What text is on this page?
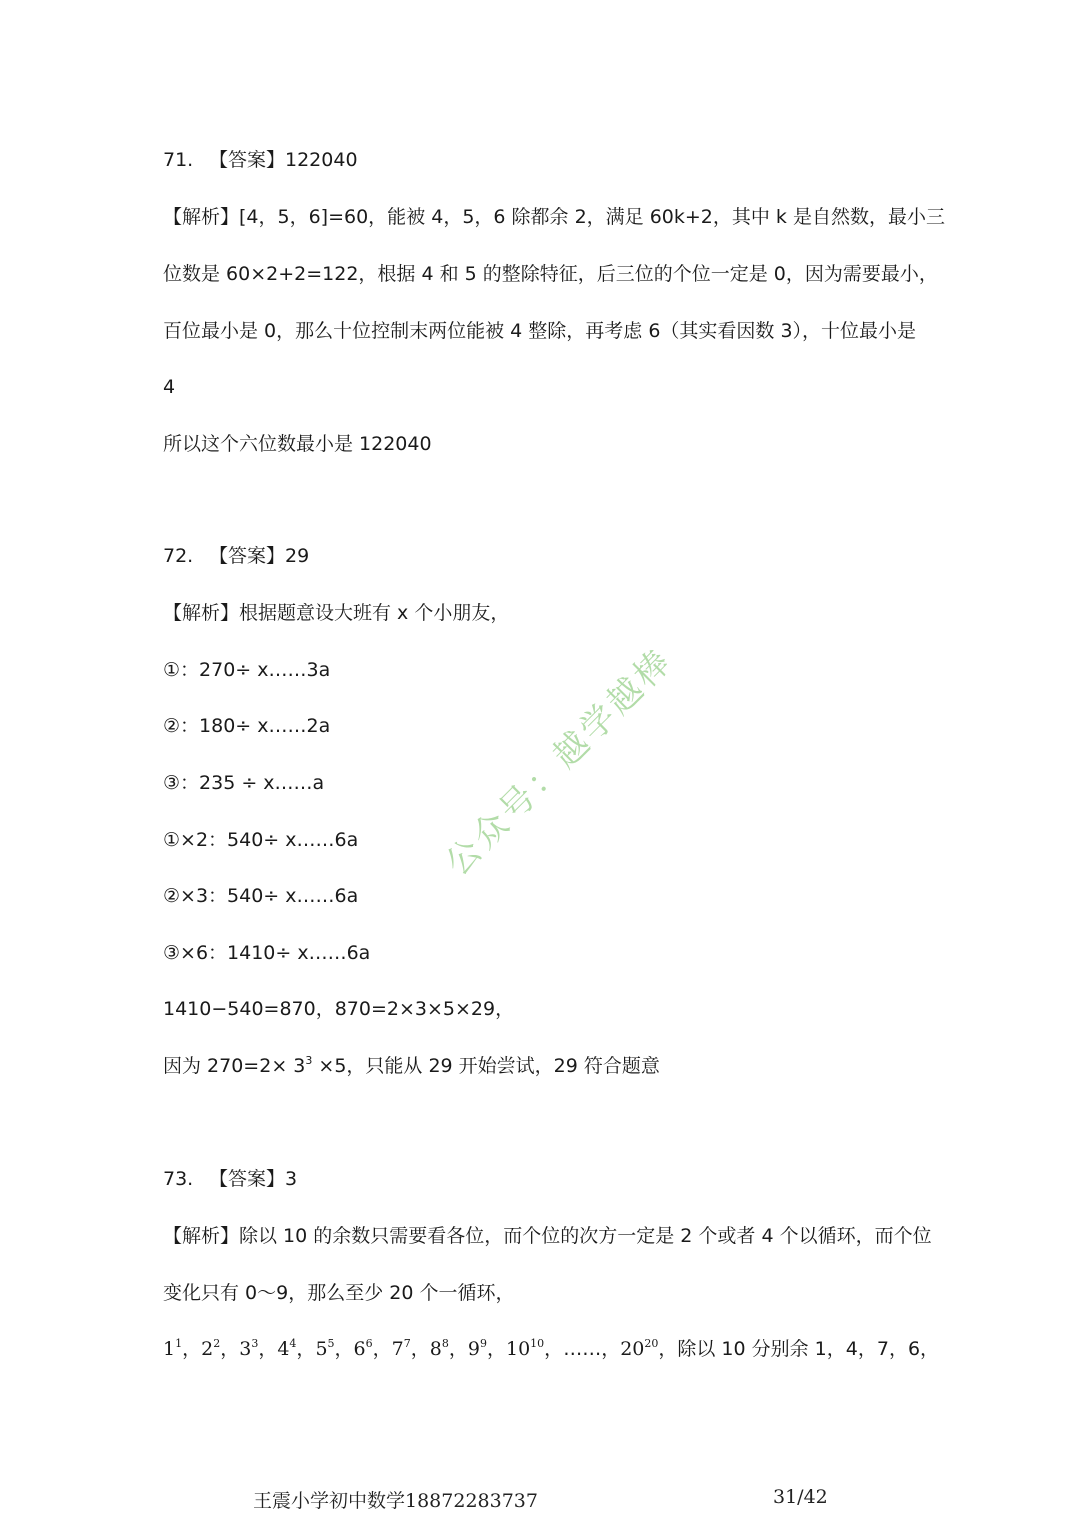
71. 【答案】122040
【解析】[4，5，6]=60，能被 4，5，6 除都余 2，满足 60k+2，其中 k 是自然数，最小三
位数是 60×2+2=122，根据 4 和 5 的整除特征，后三位的个位一定是 0，因为需要最小，
百位最小是 0，那么十位控制末两位能被 4 整除，再考虑 6（其实看因数 3），十位最小是
4
所以这个六位数最小是 122040
72. 【答案】29
【解析】根据题意设大班有 x 个小朋友，
①：270÷ x……3a
②：180÷ x……2a
③：235 ÷ x……a
①×2：540÷ x……6a
②×3：540÷ x……6a
③×6：1410÷ x……6a
1410−540=870，870=2×3×5×29，
因为 $270=2\times 3^3 \times 5$，只能从 29 开始尝试，29 符合题意
73. 【答案】3
【解析】除以 10 的余数只需要看各位，而个位的次方一定是 2 个或者 4 个以循环，而个位
变化只有 0～9，那么至少 20 个一循环，
$1^1$，$2^2$，$3^3$，$4^4$，$5^5$，$6^6$，$7^7$，$8^8$，$9^9$，$10^{10}$，……，$20^{20}$，除以 10 分别余 1，4，7，6，
公众号：越学越棒
王震小学初中数学18872283737	31/42
